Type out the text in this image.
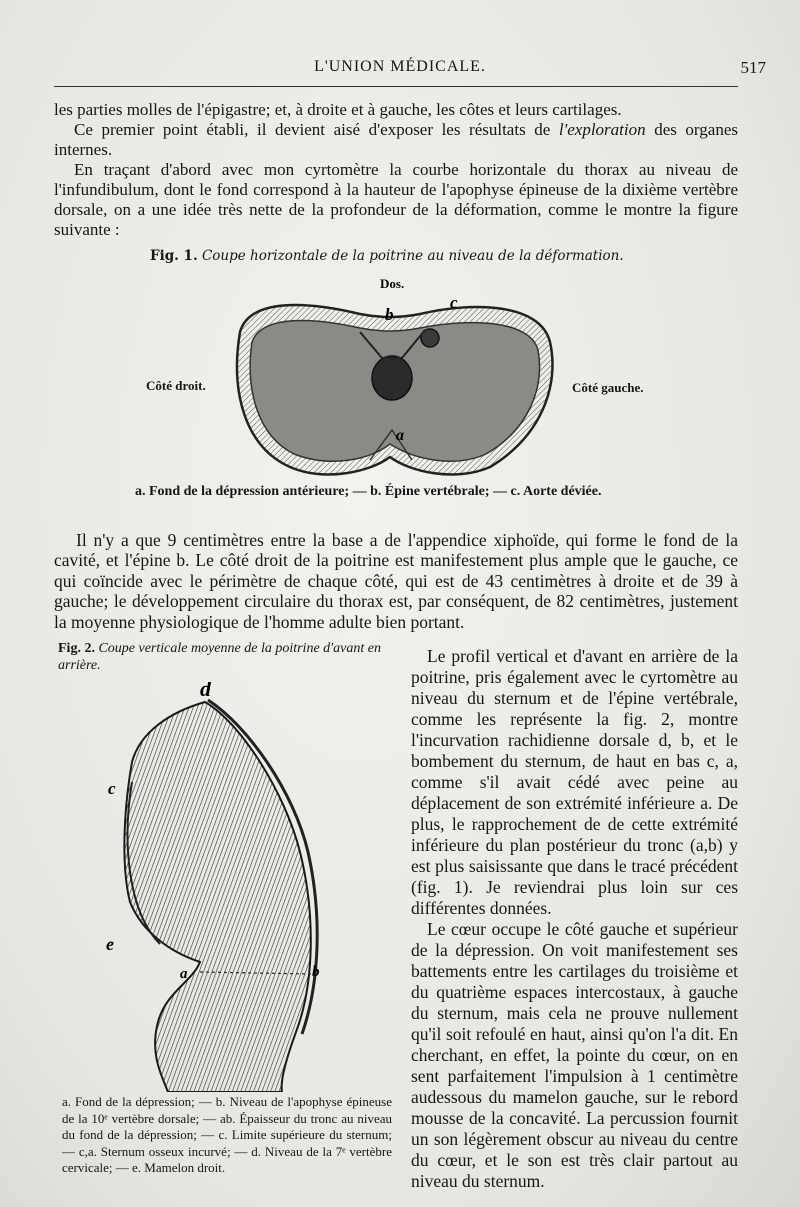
L'UNION MÉDICALE.	517

les parties molles de l'épigastre; et, à droite et à gauche, les côtes et leurs cartilages.

Ce premier point établi, il devient aisé d'exposer les résultats de l'exploration des organes internes.

En traçant d'abord avec mon cyrtomètre la courbe horizontale du thorax au niveau de l'infundibulum, dont le fond correspond à la hauteur de l'apophyse épineuse de la dixième vertèbre dorsale, on a une idée très nette de la profondeur de la déformation, comme le montre la figure suivante :

Fig. 1. Coupe horizontale de la poitrine au niveau de la déformation.
Dos.
b
c
a
Côté droit.	Côté gauche.
a. Fond de la dépression antérieure; — b. Épine vertébrale; — c. Aorte déviée.

Il n'y a que 9 centimètres entre la base a de l'appendice xiphoïde, qui forme le fond de la cavité, et l'épine b. Le côté droit de la poitrine est manifestement plus ample que le gauche, ce qui coïncide avec le périmètre de chaque côté, qui est de 43 centimètres à droite et de 39 à gauche; le développement circulaire du thorax est, par conséquent, de 82 centimètres, justement la moyenne physiologique de l'homme adulte bien portant.

Fig. 2. Coupe verticale moyenne de la poitrine d'avant en arrière.
d
c
e
a	b
a. Fond de la dépression; — b. Niveau de l'apophyse épineuse de la 10ᵉ vertèbre dorsale; — ab. Épaisseur du tronc au niveau du fond de la dépression; — c. Limite supérieure du sternum; — c,a. Sternum osseux incurvé; — d. Niveau de la 7ᵉ vertèbre cervicale; — e. Mamelon droit.

Le profil vertical et d'avant en arrière de la poitrine, pris également avec le cyrtomètre au niveau du sternum et de l'épine vertébrale, comme les représente la fig. 2, montre l'incurvation rachidienne dorsale d, b, et le bombement du sternum, de haut en bas c, a, comme s'il avait cédé avec peine au déplacement de son extrémité inférieure a. De plus, le rapprochement de de cette extrémité inférieure du plan postérieur du tronc (a,b) y est plus saisissante que dans le tracé précédent (fig. 1). Je reviendrai plus loin sur ces différentes données.

Le cœur occupe le côté gauche et supérieur de la dépression. On voit manifestement ses battements entre les cartilages du troisième et du quatrième espaces intercostaux, à gauche du sternum, mais cela ne prouve nullement qu'il soit refoulé en haut, ainsi qu'on l'a dit. En cherchant, en effet, la pointe du cœur, on en sent parfaitement l'impulsion à 1 centimètre audessous du mamelon gauche, sur le rebord mousse de la concavité. La percussion fournit un son légèrement obscur au niveau du centre du cœur, et le son est très clair partout au niveau du sternum.
